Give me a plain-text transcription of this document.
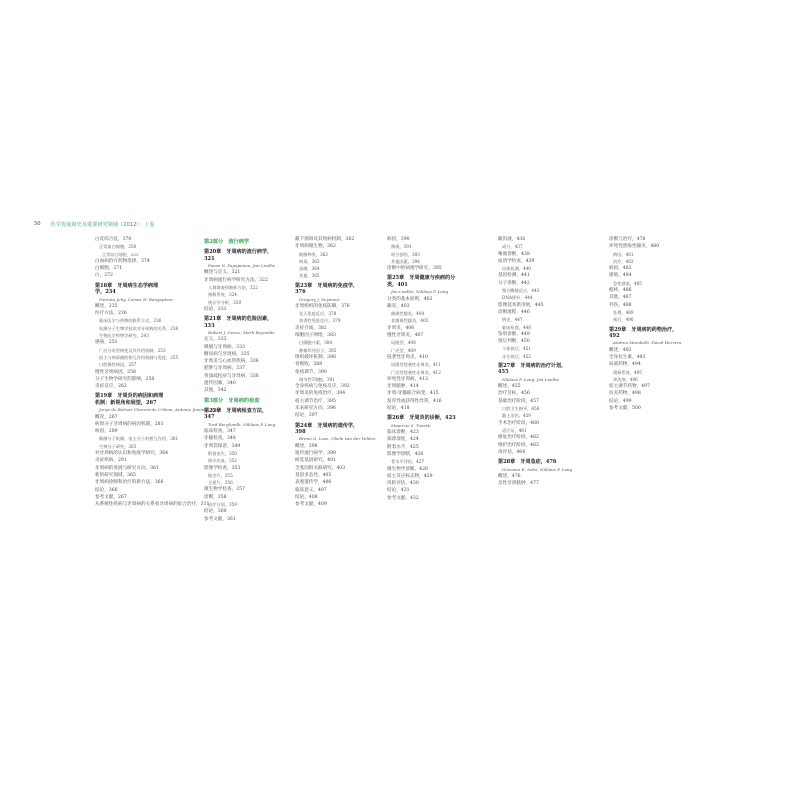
50 医学发展简史及重要研究领域（2012）：上卷
白皮综合征，370
正常血白细胞，250
正常血白细胞，263
白血病治疗药物选择，374
白细胞，271
白，272
第18章　牙周病生态学病理学，234
Parmita Jehy, Comas N. Rangspteer
概述，235
医疗方法，236
临床医学与药物的联系方式，236
检测分子生物学技术对牙周病的关系，238
生物医学药物学研究，243
感染，251
广泛分布型病变及其作用机制，253
宿主与病原菌的相互作用机制与免疫，255
口腔慢性病因，257
慢性牙周病因，258
分子生物学研究的影响，258
炎症反应，262
第19章　牙周炎的病因和病理机制：新视角和展望，267
Jorge de Bolivar Charvin-de Urbina, Antonio Jiménez, Paro
概况，267
病原分子牙周病的病因机制，281
病因，289
细菌分子机制、宿主分子的相互作用，361
生物分子研究，363
对牙周病的认识和免疫学研究，364
炎症疾病，291
牙周病的进展与研究方向，361
新的研究领域，365
牙周病诊断和治疗的新方法，366
结论，366
参考文献，267
从系统性疾病与牙周病的关系看牙周病的综合治疗，311
第2部分　流行病学
第20章　牙周病的流行病学，321
Panos N. Papapanou, Jan Lindhe
概述与定义，321
牙周病流行病学研究方法，322
人群调查和抽样方法，322
指数系统，324
统计学分析，330
结论，331
第21章　牙周病的危险因素，333
Robert J. Genco, Mark Reynolds
定义，333
吸烟与牙周病，333
糖尿病与牙周病，335
牙周炎与心血管疾病，336
肥胖与牙周病，337
骨质疏松症与牙周病，338
遗传因素，340
其他，342
第3部分　牙周病的检查
第22章　牙周病检查方法，347
Tord Berglundh, Niklaus P. Lang
临床检查，347
牙龈检查，348
牙周袋探诊，349
附着丧失，350
探诊出血，352
影像学检查，353
根尖片，355
全景片，356
微生物学检查，357
诊断，358
治疗计划，359
结论，360
参考文献，361
龈下菌斑及其致病机制，362
牙周病微生物，362
细菌种类，362
病毒，363
真菌，364
其他，365
第23章　牙周病的免疫学，376
Gregory J. Seymour
牙周组织的免疫防御，376
先天免疫反应，378
获得性免疫反应，379
炎症介质，382
细胞因子网络，383
白细胞介素，384
肿瘤坏死因子，385
组织破坏机制，386
骨吸收，388
免疫调节，390
调节性T细胞，391
全身疾病与免疫反应，392
牙周炎的免疫治疗，394
宿主调节治疗，395
未来研究方向，396
结论，397
第24章　牙周病的遗传学，398
Bruno G. Loos, Ubele van der Velden
概述，398
遗传流行病学，399
候选基因研究，401
全基因组关联研究，403
基因多态性，405
表观遗传学，406
临床意义，407
结论，408
参考文献，409
病因，390
菌斑，391
咬合创伤，393
其他因素，394
诊断中的病理学研究，395
第25章　牙周健康与疾病的分类，401
Jan Lindhe, Niklaus P. Lang
分类的基本原则，402
龈炎，403
菌斑性龈炎，404
非菌斑性龈炎，405
牙周炎，406
慢性牙周炎，407
局限型，408
广泛型，409
侵袭性牙周炎，410
局限型侵袭性牙周炎，411
广泛型侵袭性牙周炎，412
坏死性牙周病，413
牙周脓肿，414
牙周-牙髓联合病变，415
发育性或获得性异常，416
结论，418
第26章　牙周炎的诊断，423
Maurizio S. Tonetti
临床诊断，423
探诊深度，424
附着水平，425
影像学诊断，426
骨水平评估，427
微生物学诊断，428
宿主反应标志物，429
风险评估，430
结论，431
参考文献，432
龈沟液，436
成分，437
唾液诊断，438
血清学检查，439
抗体检测，440
基因检测，441
分子诊断，442
聚合酶链反应，443
DNA探针，444
影像技术新进展，445
诊断流程，446
病史，447
临床检查，448
鉴别诊断，449
预后判断，450
个体预后，451
牙位预后，452
第27章　牙周病的治疗计划，455
Niklaus P. Lang, Jan Lindhe
概述，455
治疗目标，456
基础治疗阶段，457
口腔卫生指导，458
龈上洁治，459
手术治疗阶段，460
适应证，461
修复治疗阶段，462
维护治疗阶段，463
再评估，464
第28章　牙周急症，476
Giovanni E. Salvi, Niklaus P. Lang
概述，476
急性牙周脓肿，477
诊断与治疗，478
坏死性溃疡性龈炎，480
病因，481
治疗，482
病因，483
感染，484
急性感染，485
疱疹，486
其他，487
外伤，488
处理，489
预后，490
第29章　牙周病的药物治疗，492
Andrea Mombelli, David Herrera
概述，492
全身抗生素，493
局部药物，494
缓释系统，495
冲洗剂，496
宿主调节药物，497
抗炎药物，498
结论，499
参考文献，500
